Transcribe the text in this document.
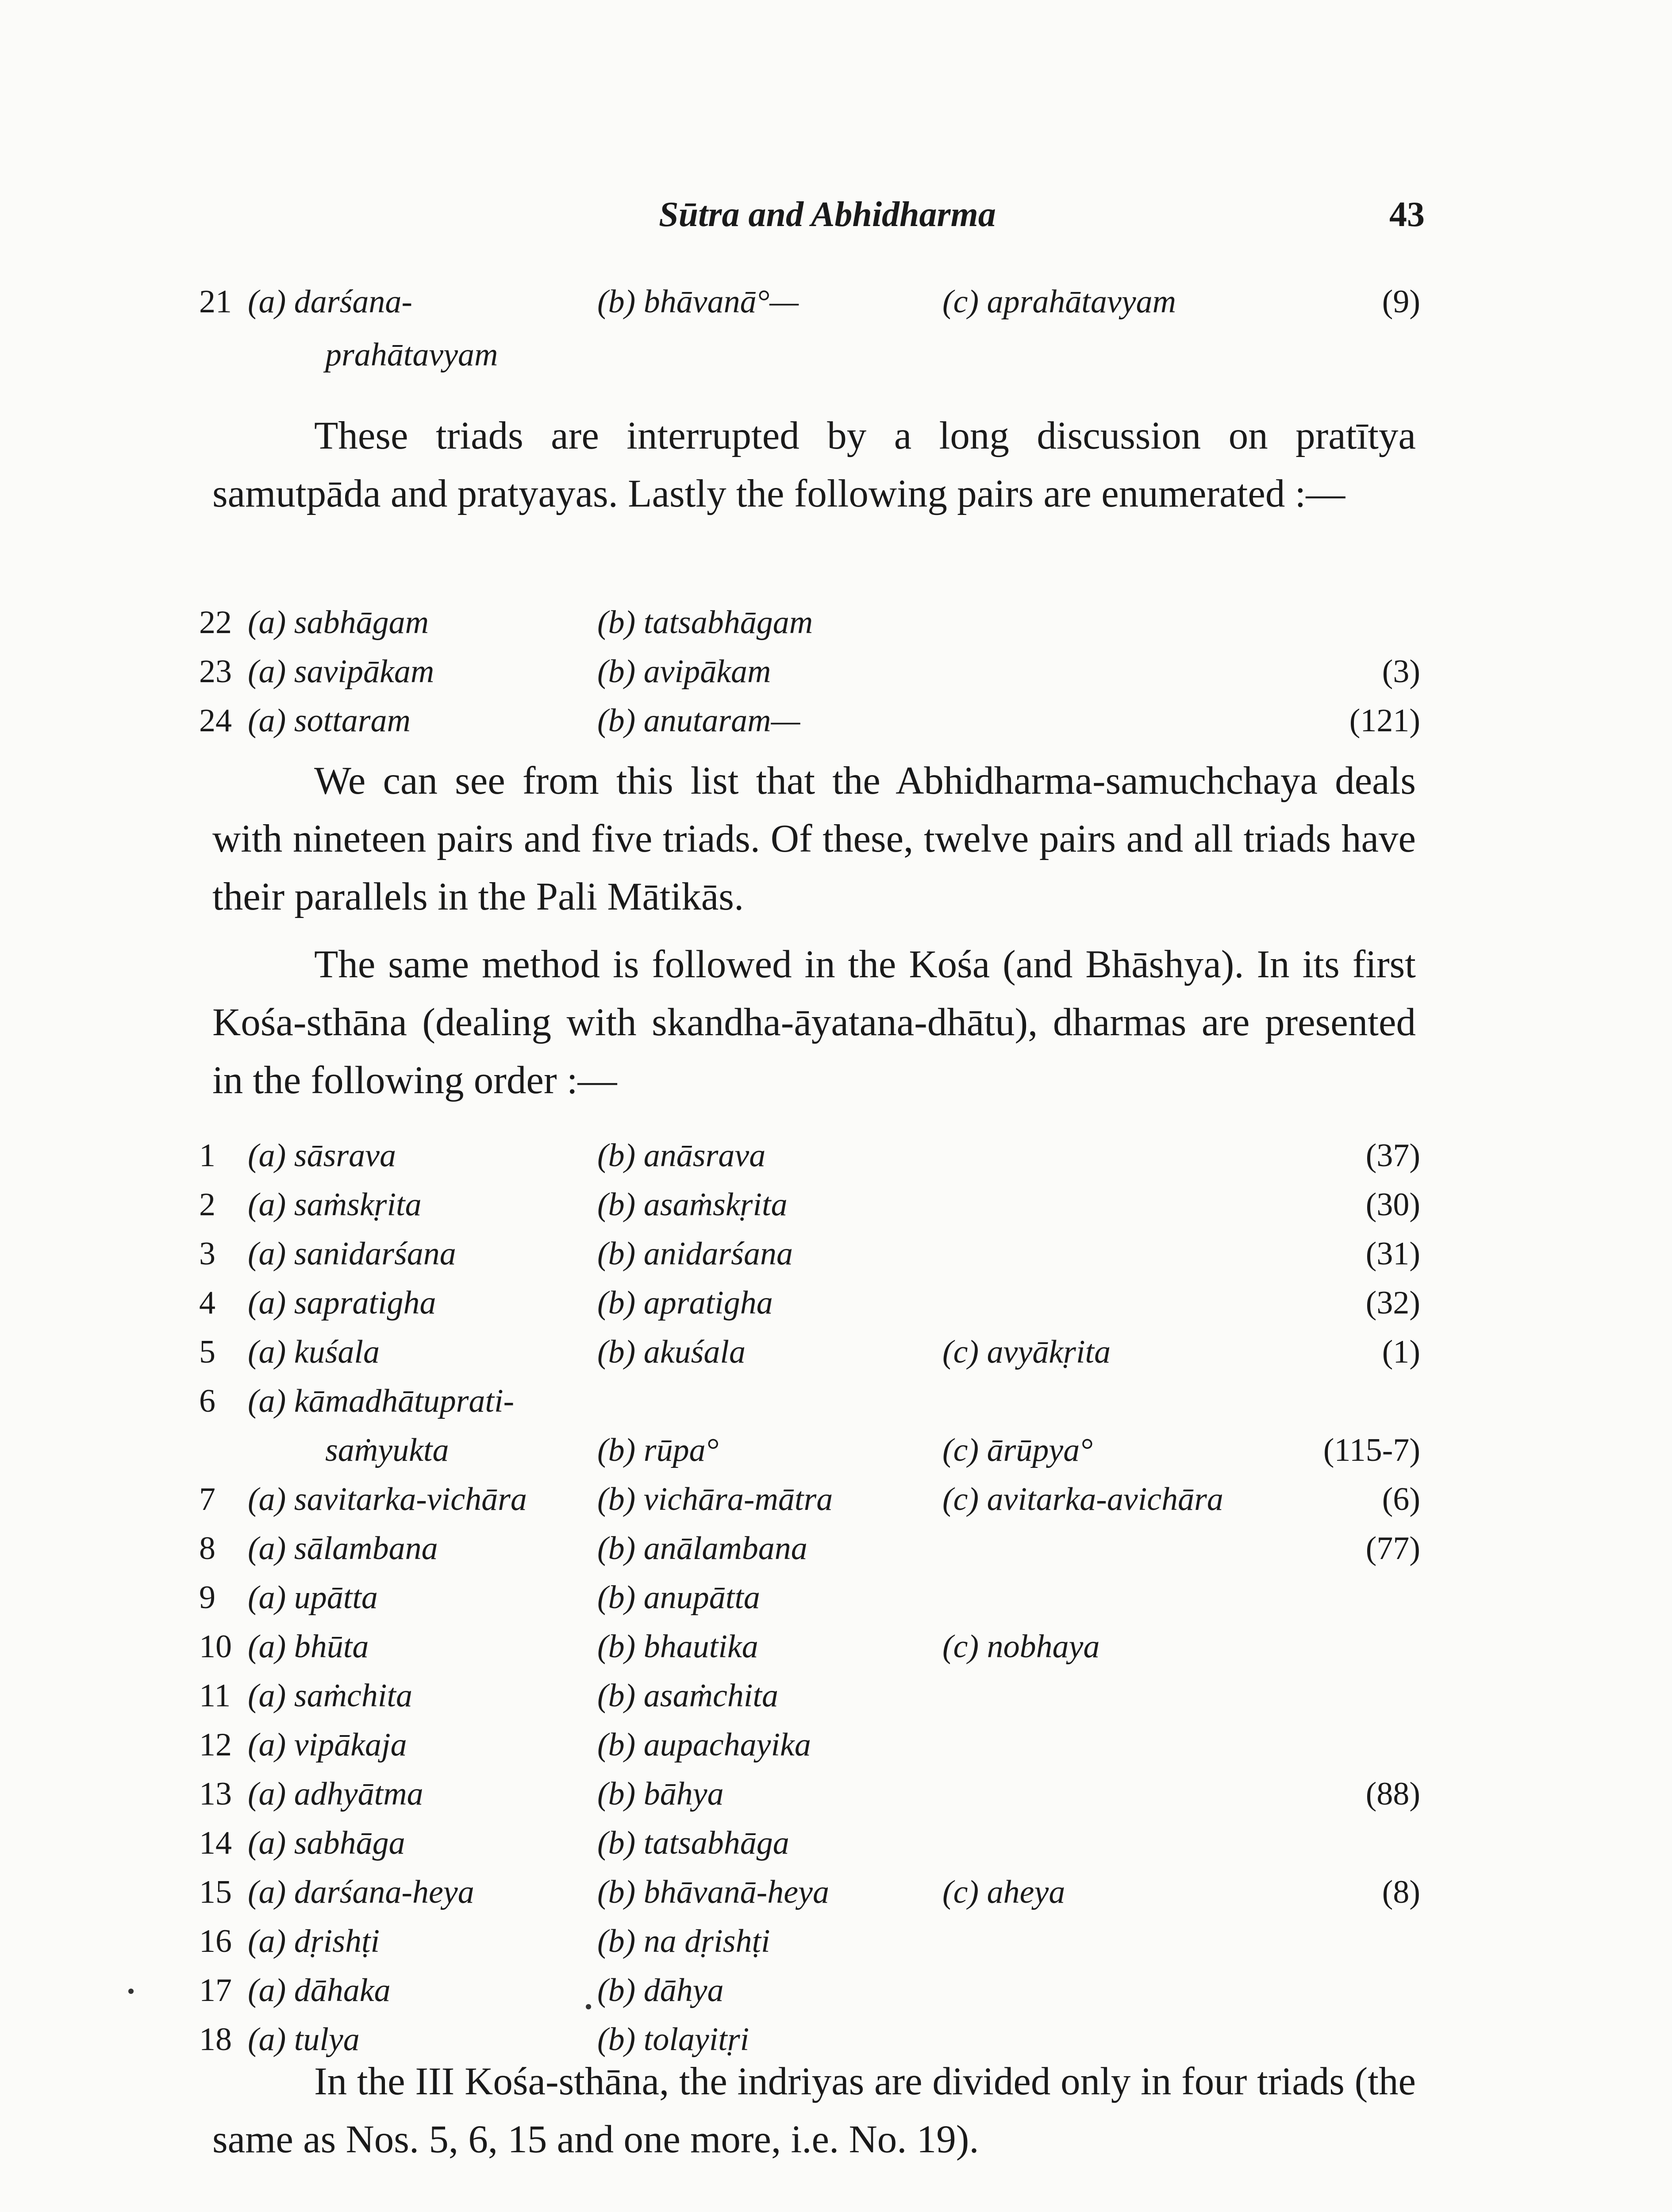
Sūtra and Abhidharma	43
21 (a) darśana-	(b) bhāvanā°—	(c) aprahātavyam	(9)
prahātavyam

These triads are interrupted by a long discussion on pratītya samutpāda and pratyayas. Lastly the following pairs are enumerated :—

22 (a) sabhāgam	(b) tatsabhāgam
23 (a) savipākam	(b) avipākam	(3)
24 (a) sottaram	(b) anutaram—	(121)

We can see from this list that the Abhidharma-samuchchaya deals with nineteen pairs and five triads. Of these, twelve pairs and all triads have their parallels in the Pali Mātikās.

The same method is followed in the Kośa (and Bhāshya). In its first Kośa-sthāna (dealing with skandha-āyatana-dhātu), dharmas are presented in the following order :—

1 (a) sāsrava	(b) anāsrava	(37)
2 (a) saṁskṛita	(b) asaṁskṛita	(30)
3 (a) sanidarśana	(b) anidarśana	(31)
4 (a) sapratigha	(b) apratigha	(32)
5 (a) kuśala	(b) akuśala	(c) avyākṛita	(1)
6 (a) kāmadhātuprati-
saṁyukta	(b) rūpa°	(c) ārūpya°	(115-7)
7 (a) savitarka-vichāra (b) vichāra-mātra	(c) avitarka-avichāra	(6)
8 (a) sālambana	(b) anālambana	(77)
9 (a) upātta	(b) anupātta
10 (a) bhūta	(b) bhautika	(c) nobhaya
11 (a) saṁchita	(b) asaṁchita
12 (a) vipākaja	(b) aupachayika
13 (a) adhyātma	(b) bāhya	(88)
14 (a) sabhāga	(b) tatsabhāga
15 (a) darśana-heya	(b) bhāvanā-heya	(c) aheya	(8)
16 (a) dṛishṭi	(b) na dṛishṭi
17 (a) dāhaka	(b) dāhya
18 (a) tulya	(b) tolayitṛi

In the III Kośa-sthāna, the indriyas are divided only in four triads (the same as Nos. 5, 6, 15 and one more, i.e. No. 19).
